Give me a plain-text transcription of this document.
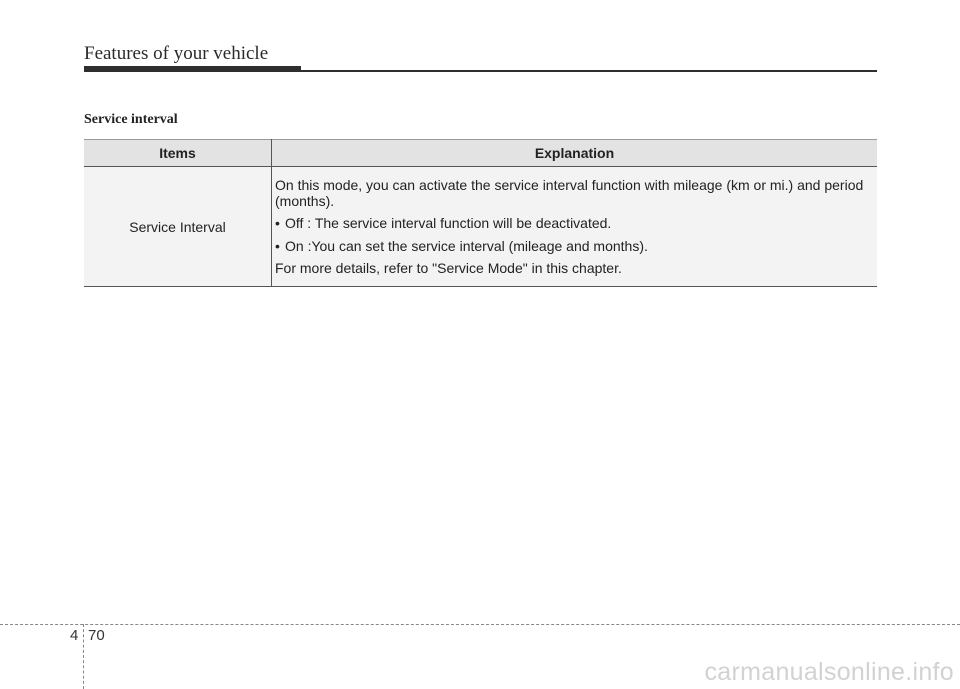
Features of your vehicle
Service interval
Items	Explanation
Service Interval	On this mode, you can activate the service interval function with mileage (km or mi.) and period (months).

• Off : The service interval function will be deactivated.

• On :You can set the service interval (mileage and months).

For more details, refer to "Service Mode" in this chapter.

4 70
carmanualsonline.info
